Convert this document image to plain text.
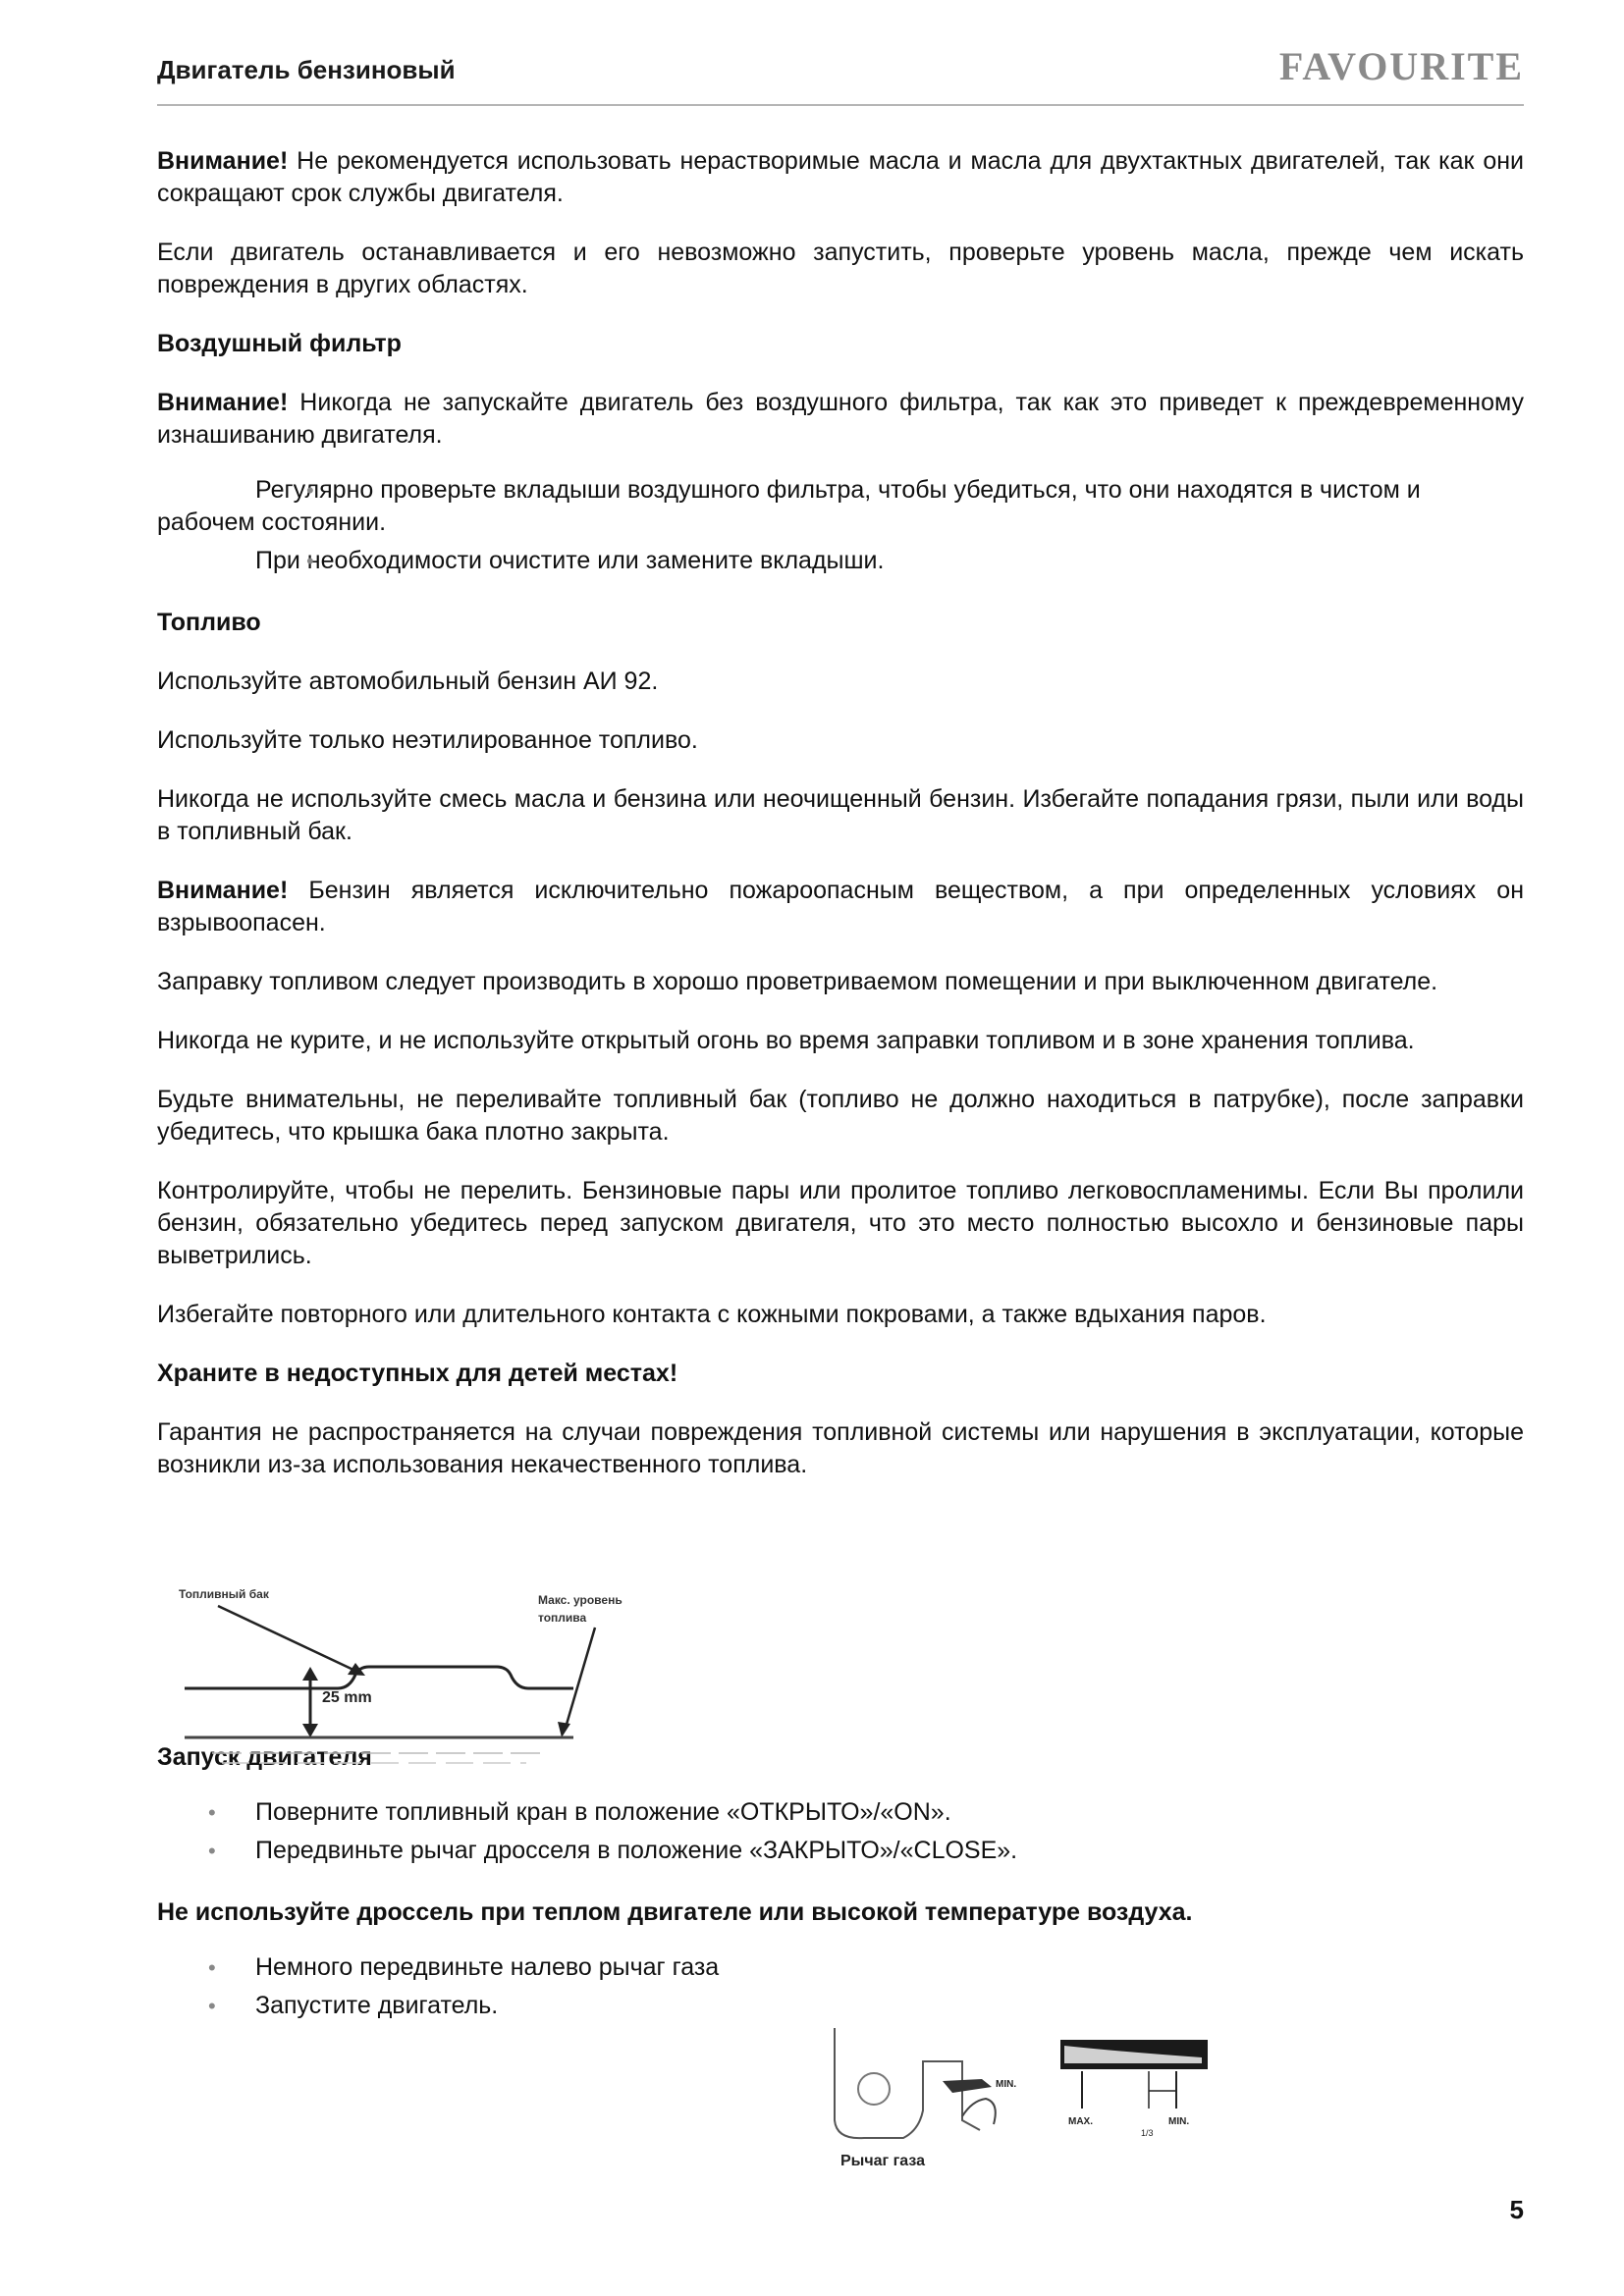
Двигатель бензиновый	FAVOURITE

Внимание! Не рекомендуется использовать нерастворимые масла и масла для двухтактных двигателей, так как они сокращают срок службы двигателя.

Если двигатель останавливается и его невозможно запустить, проверьте уровень масла, прежде чем искать повреждения в других областях.

Воздушный фильтр

Внимание! Никогда не запускайте двигатель без воздушного фильтра, так как это приведет к преждевременному изнашиванию двигателя.

• Регулярно проверьте вкладыши воздушного фильтра, чтобы убедиться, что они находятся в чистом и рабочем состоянии.
• При необходимости очистите или замените вкладыши.
Топливо

Используйте автомобильный бензин АИ 92.

Используйте только неэтилированное топливо.

Никогда не используйте смесь масла и бензина или неочищенный бензин. Избегайте попадания грязи, пыли или воды в топливный бак.

Внимание! Бензин является исключительно пожароопасным веществом, а при определенных условиях он взрывоопасен.

Заправку топливом следует производить в хорошо проветриваемом помещении и при выключенном двигателе.

Никогда не курите, и не используйте открытый огонь во время заправки топливом и в зоне хранения топлива.

Будьте внимательны, не переливайте топливный бак (топливо не должно находиться в патрубке), после заправки убедитесь, что крышка бака плотно закрыта.

Контролируйте, чтобы не перелить. Бензиновые пары или пролитое топливо легковоспламенимы. Если Вы пролили бензин, обязательно убедитесь перед запуском двигателя, что это место полностью высохло и бензиновые пары выветрились.

Избегайте повторного или длительного контакта с кожными покровами, а также вдыхания паров.

Храните в недоступных для детей местах!

Гарантия не распространяется на случаи повреждения топливной системы или нарушения в эксплуатации, которые возникли из-за использования некачественного топлива.

Запуск двигателя
• Поверните топливный кран в положение «ОТКРЫТО»/«ON».
• Передвиньте рычаг дросселя в положение «ЗАКРЫТО»/«CLOSE».
Не используйте дроссель при теплом двигателе или высокой температуре воздуха.
• Немного передвиньте налево рычаг газа
• Запустите двигатель.
Топливный бак	Макс. уровень
топлива
25 mm
MIN.
MAX.	MIN.
1/3
Рычаг газа
5
